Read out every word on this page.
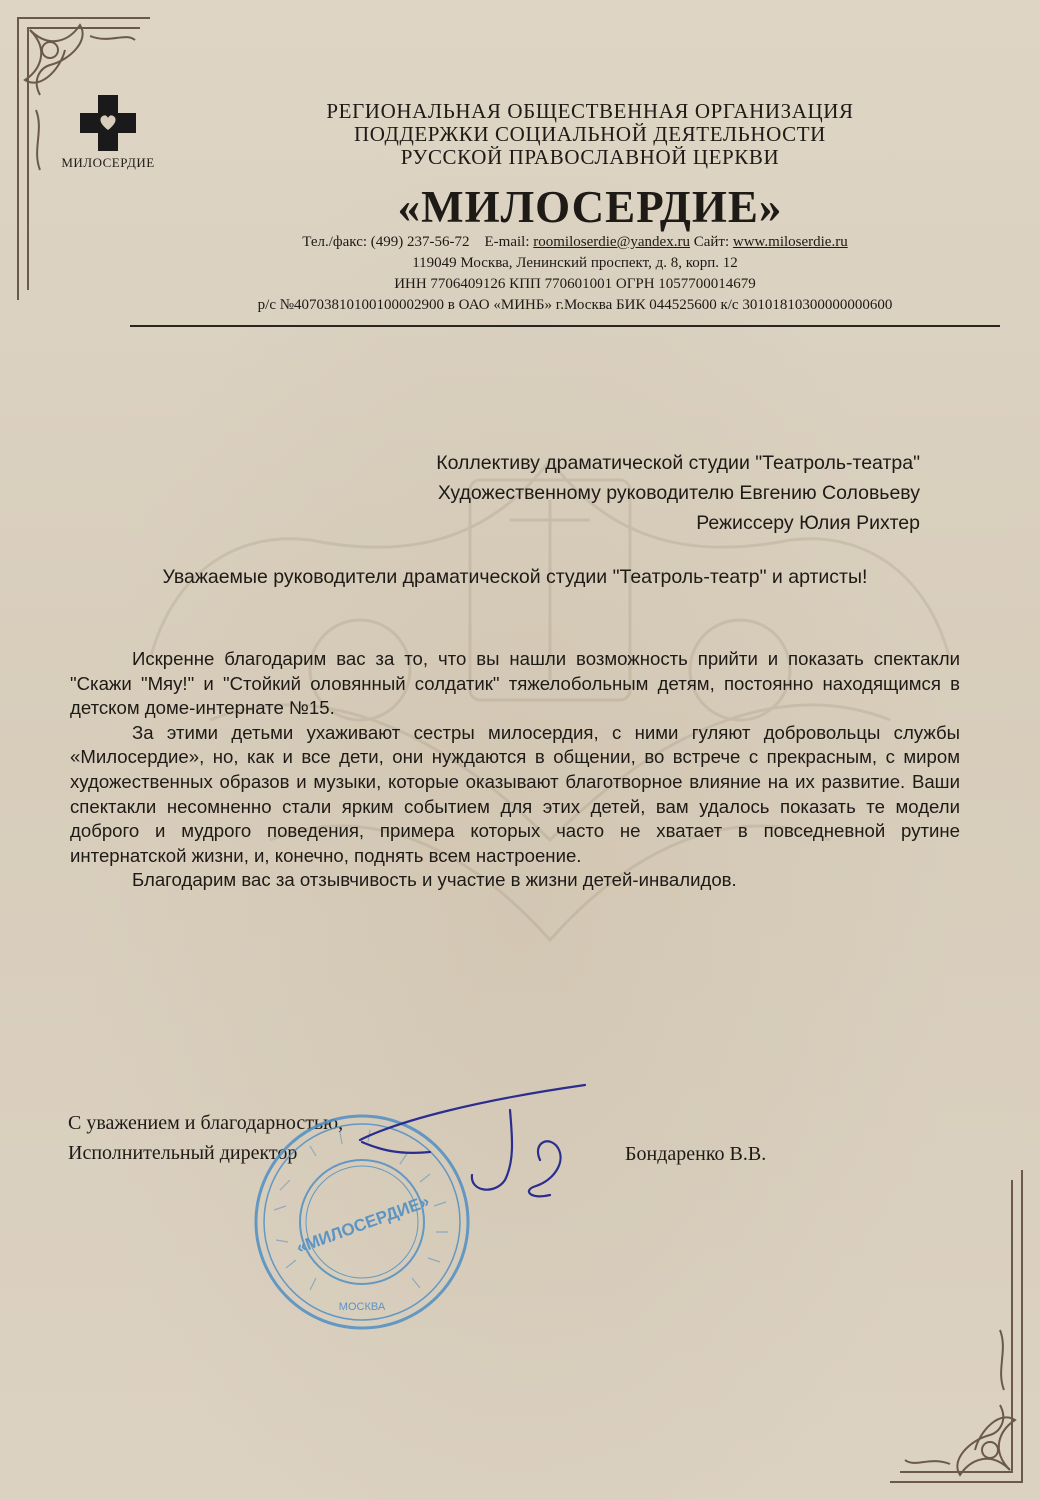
МИЛОСЕРДИЕ
РЕГИОНАЛЬНАЯ ОБЩЕСТВЕННАЯ ОРГАНИЗАЦИЯ
ПОДДЕРЖКИ СОЦИАЛЬНОЙ ДЕЯТЕЛЬНОСТИ
РУССКОЙ ПРАВОСЛАВНОЙ ЦЕРКВИ
«МИЛОСЕРДИЕ»
Тел./факс: (499) 237-56-72 E-mail: roomiloserdie@yandex.ru Сайт: www.miloserdie.ru
119049 Москва, Ленинский проспект, д. 8, корп. 12
ИНН 7706409126 КПП 770601001 ОГРН 1057700014679
р/с №40703810100100002900 в ОАО «МИНБ» г.Москва БИК 044525600 к/с 30101810300000000600
Коллективу драматической студии "Театроль-театра"
Художественному руководителю Евгению Соловьеву
Режиссеру Юлия Рихтер
Уважаемые руководители драматической студии "Театроль-театр" и артисты!

Искренне благодарим вас за то, что вы нашли возможность прийти и показать спектакли "Скажи "Мяу!" и "Стойкий оловянный солдатик" тяжелобольным детям, постоянно находящимся в детском доме-интернате №15.

За этими детьми ухаживают сестры милосердия, с ними гуляют добровольцы службы «Милосердие», но, как и все дети, они нуждаются в общении, во встрече с прекрасным, с миром художественных образов и музыки, которые оказывают благотворное влияние на их развитие. Ваши спектакли несомненно стали ярким событием для этих детей, вам удалось показать те модели доброго и мудрого поведения, примера которых часто не хватает в повседневной рутине интернатской жизни, и, конечно, поднять всем настроение.

Благодарим вас за отзывчивость и участие в жизни детей-инвалидов.

С уважением и благодарностью,
Исполнительный директор	Бондаренко В.В.
«МИЛОСЕРДИЕ»
МОСКВА
